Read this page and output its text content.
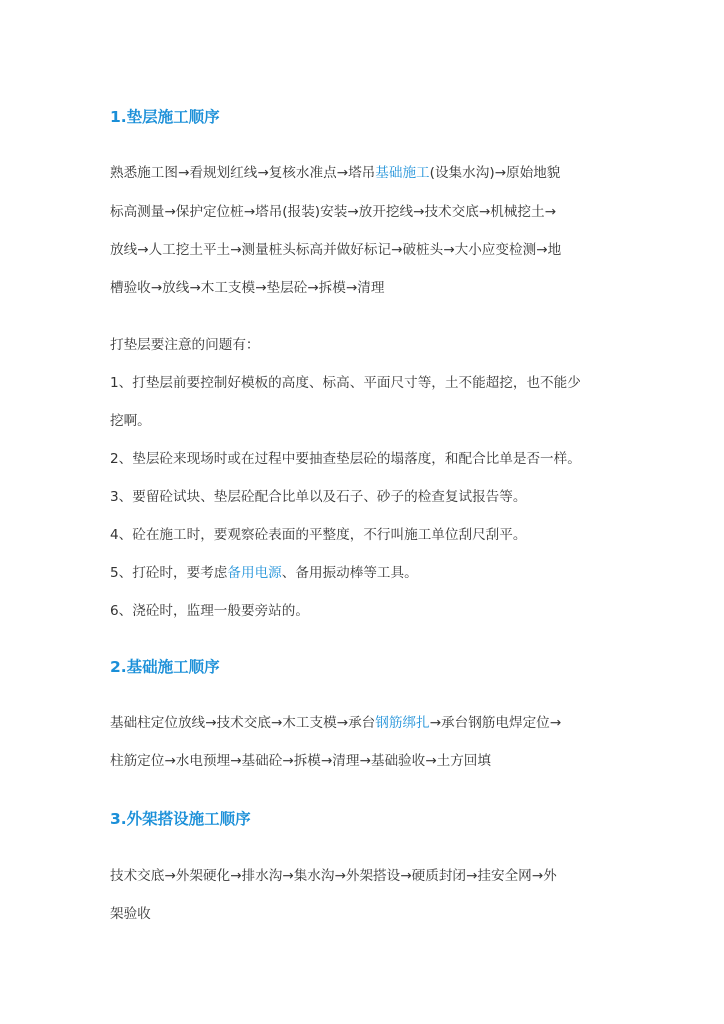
1.垫层施工顺序

熟悉施工图→看规划红线→复核水准点→塔吊基础施工(设集水沟)→原始地貌

标高测量→保护定位桩→塔吊(报装)安装→放开挖线→技术交底→机械挖土→

放线→人工挖土平土→测量桩头标高并做好标记→破桩头→大小应变检测→地

槽验收→放线→木工支模→垫层砼→拆模→清理

打垫层要注意的问题有：

1、打垫层前要控制好模板的高度、标高、平面尺寸等，土不能超挖，也不能少

挖啊。

2、垫层砼来现场时或在过程中要抽查垫层砼的塌落度，和配合比单是否一样。

3、要留砼试块、垫层砼配合比单以及石子、砂子的检查复试报告等。

4、砼在施工时，要观察砼表面的平整度，不行叫施工单位刮尺刮平。

5、打砼时，要考虑备用电源、备用振动棒等工具。

6、浇砼时，监理一般要旁站的。

2.基础施工顺序

基础柱定位放线→技术交底→木工支模→承台钢筋绑扎→承台钢筋电焊定位→

柱筋定位→水电预埋→基础砼→拆模→清理→基础验收→土方回填

3.外架搭设施工顺序

技术交底→外架硬化→排水沟→集水沟→外架搭设→硬质封闭→挂安全网→外

架验收
